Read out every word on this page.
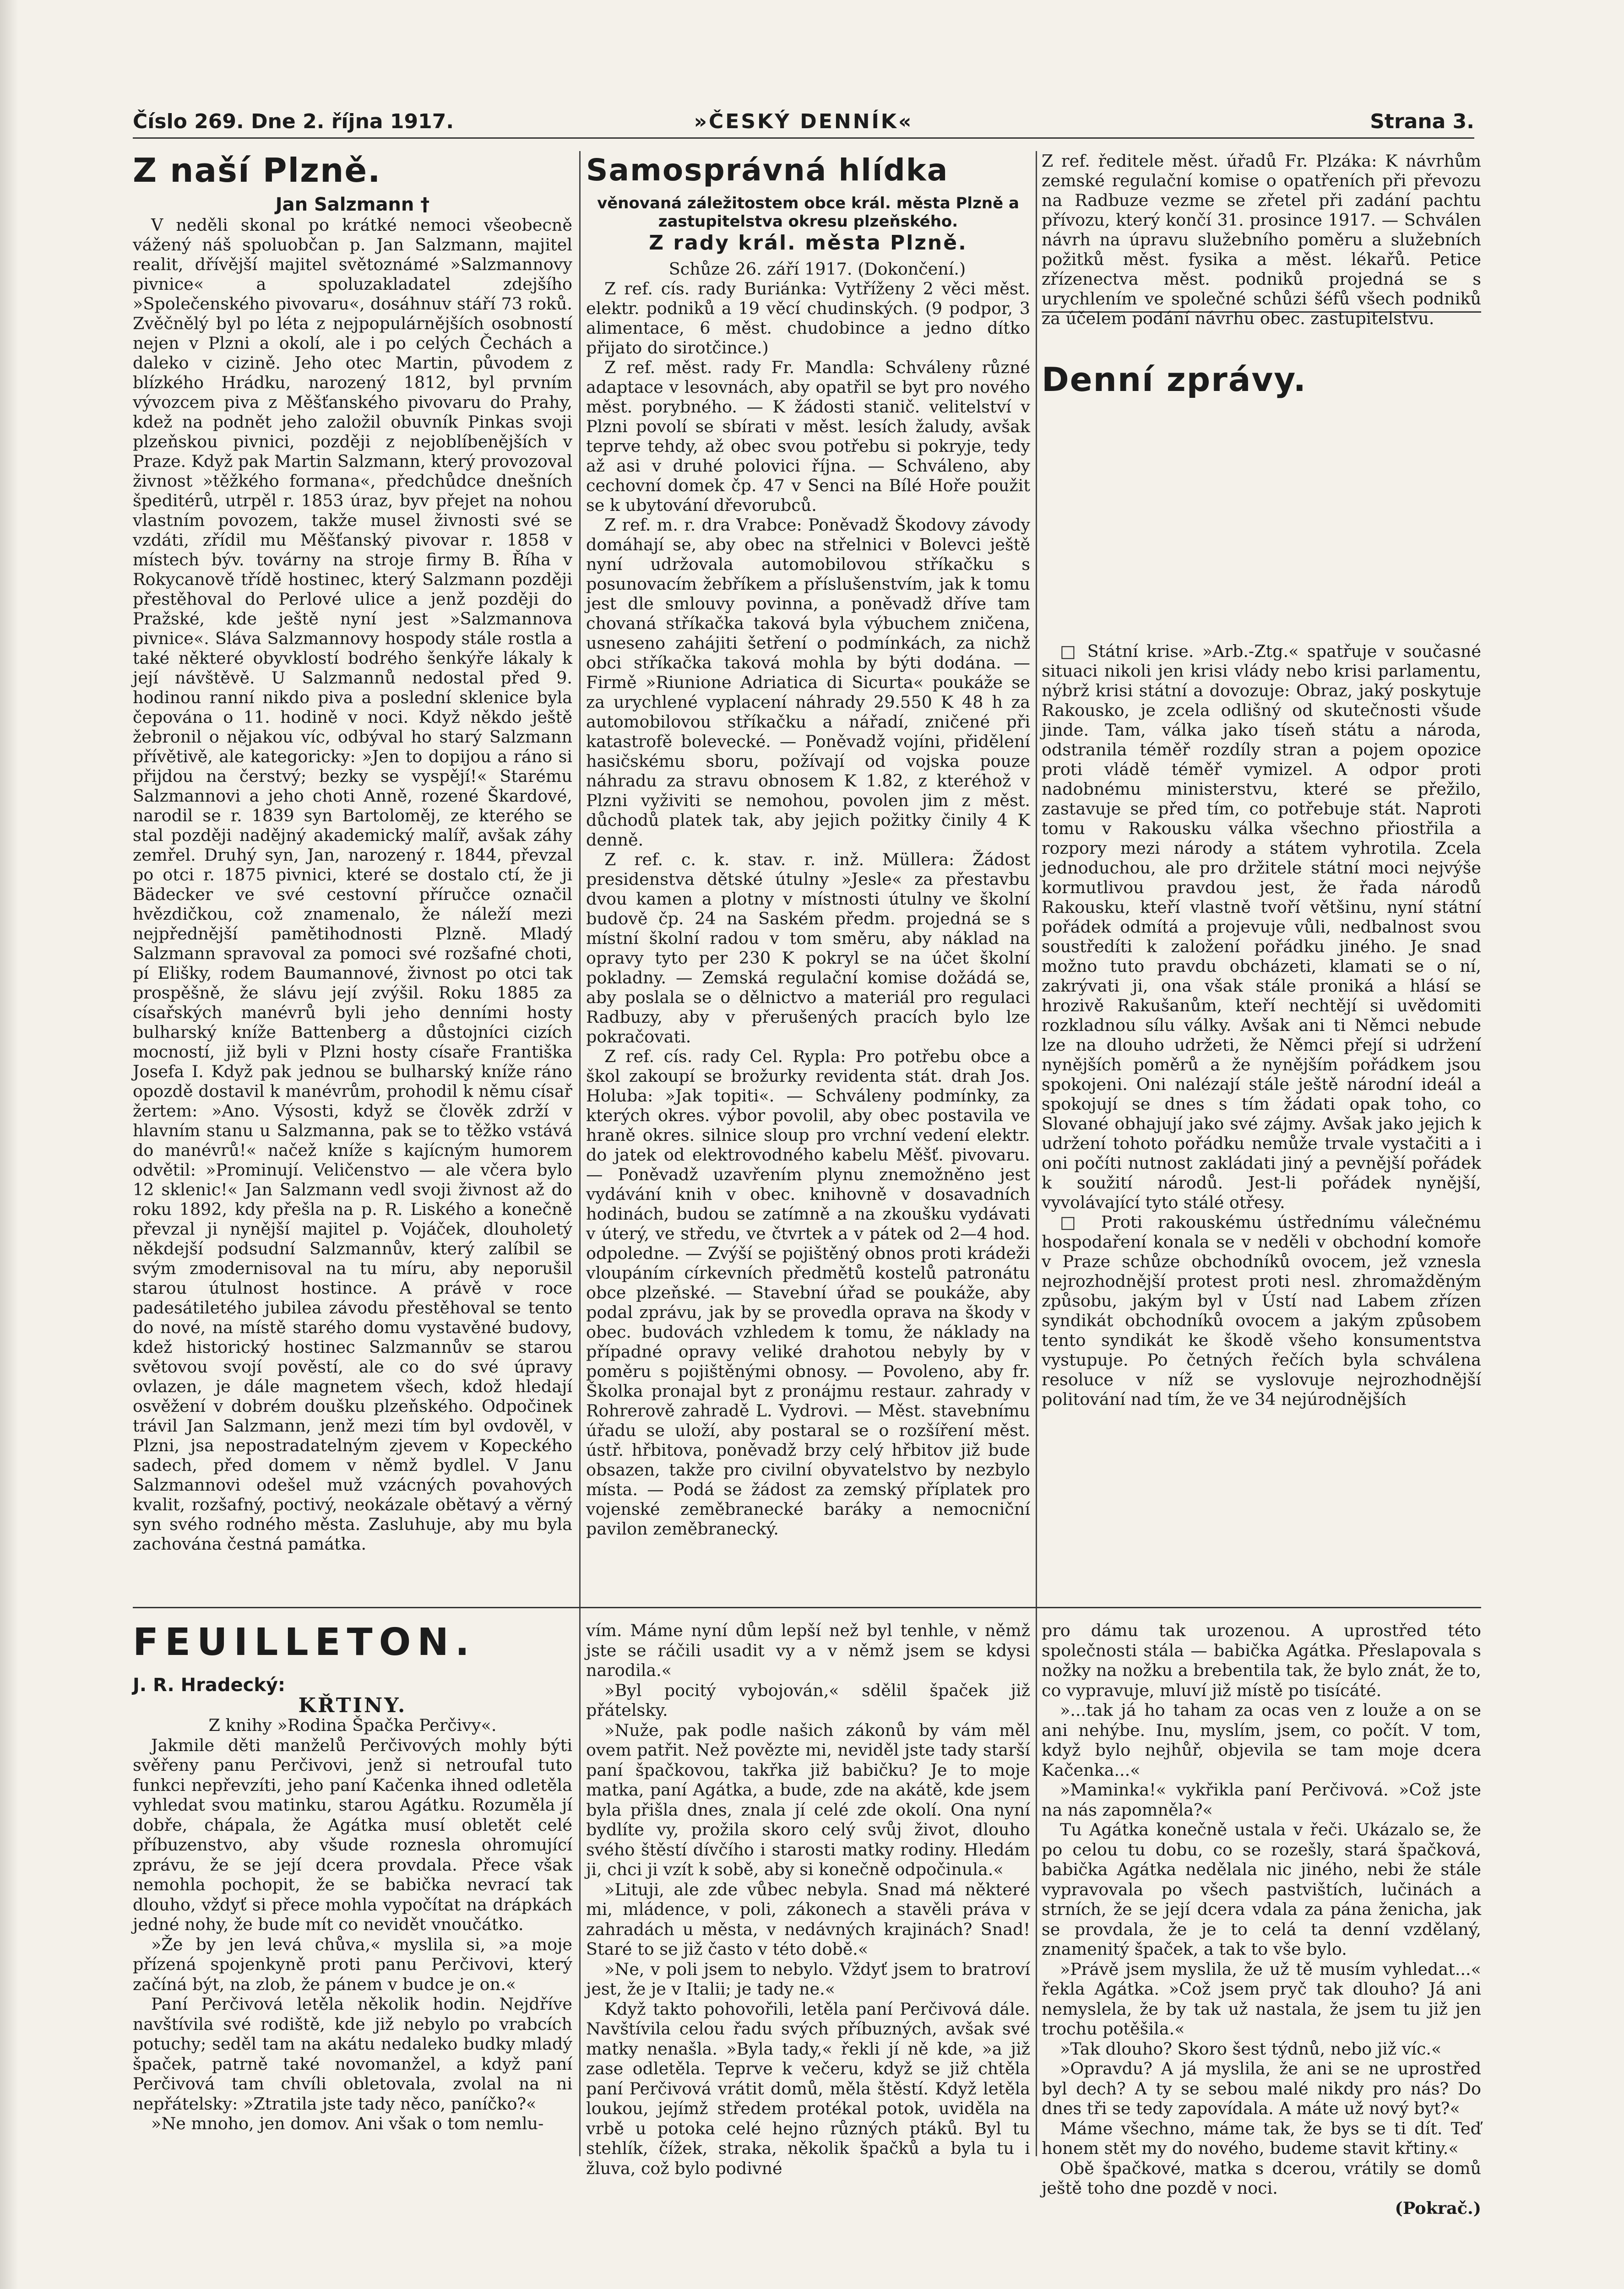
Číslo 269. Dne 2. října 1917.	»ČESKÝ DENNÍK«	Strana 3.
Z naší Plzně.
Jan Salzmann †

V neděli skonal po krátké nemoci všeobecně vážený náš spoluobčan p. Jan Salzmann, majitel realit, dřívější majitel světoznámé »Salzmannovy pivnice« a spoluzakladatel zdejšího »Společenského pivovaru«, dosáhnuv stáří 73 roků. Zvěčnělý byl po léta z nejpopulárnějších osobností nejen v Plzni a okolí, ale i po celých Čechách a daleko v cizině. Jeho otec Martin, původem z blízkého Hrádku, narozený 1812, byl prvním vývozcem piva z Měšťanského pivovaru do Prahy, kdež na podnět jeho založil obuvník Pinkas svoji plzeňskou pivnici, později z nejoblíbenějších v Praze. Když pak Martin Salzmann, který provozoval živnost »těžkého formana«, předchůdce dnešních špeditérů, utrpěl r. 1853 úraz, byv přejet na nohou vlastním povozem, takže musel živnosti své se vzdáti, zřídil mu Měšťanský pivovar r. 1858 v místech býv. továrny na stroje firmy B. Říha v Rokycanově třídě hostinec, který Salzmann později přestěhoval do Perlové ulice a jenž později do Pražské, kde ještě nyní jest »Salzmannova pivnice«. Sláva Salzmannovy hospody stále rostla a také některé obyvklostí bodrého šenkýře lákaly k její návštěvě. U Salzmannů nedostal před 9. hodinou ranní nikdo piva a poslední sklenice byla čepována o 11. hodině v noci. Když někdo ještě žebronil o nějakou víc, odbýval ho starý Salzmann přívětivě, ale kategoricky: »Jen to dopijou a ráno si přijdou na čerstvý; bezky se vyspějí!« Starému Salzmannovi a jeho choti Anně, rozené Škardové, narodil se r. 1839 syn Bartoloměj, ze kterého se stal později nadějný akademický malíř, avšak záhy zemřel. Druhý syn, Jan, narozený r. 1844, převzal po otci r. 1875 pivnici, které se dostalo ctí, že ji Bädecker ve své cestovní příručce označil hvězdičkou, což znamenalo, že náleží mezi nejpřednější pamětihodnosti Plzně. Mladý Salzmann spravoval za pomoci své rozšafné choti, pí Elišky, rodem Baumannové, živnost po otci tak prospěšně, že slávu její zvýšil. Roku 1885 za císařských manévrů byli jeho denními hosty bulharský kníže Battenberg a důstojníci cizích mocností, již byli v Plzni hosty císaře Františka Josefa I. Když pak jednou se bulharský kníže ráno opozdě dostavil k manévrům, prohodil k němu císař žertem: »Ano. Výsosti, když se člověk zdrží v hlavním stanu u Salzmanna, pak se to těžko vstává do manévrů!« načež kníže s kajícným humorem odvětil: »Prominují. Veličenstvo — ale včera bylo 12 sklenic!« Jan Salzmann vedl svoji živnost až do roku 1892, kdy přešla na p. R. Liského a konečně převzal ji nynější majitel p. Vojáček, dlouholetý někdejší podsudní Salzmannův, který zalíbil se svým zmodernisoval na tu míru, aby neporušil starou útulnost hostince. A právě v roce padesátiletého jubilea závodu přestěhoval se tento do nové, na místě starého domu vystavěné budovy, kdež historický hostinec Salzmannův se starou světovou svojí pověstí, ale co do své úpravy ovlazen, je dále magnetem všech, kdož hledají osvěžení v dobrém doušku plzeňského. Odpočinek trávil Jan Salzmann, jenž mezi tím byl ovdověl, v Plzni, jsa nepostradatelným zjevem v Kopeckého sadech, před domem v němž bydlel. V Janu Salzmannovi odešel muž vzácných povahových kvalit, rozšafný, poctivý, neokázale obětavý a věrný syn svého rodného města. Zasluhuje, aby mu byla zachována čestná památka.

Samosprávná hlídka
věnovaná záležitostem obce král. města Plzně a zastupitelstva okresu plzeňského.
Z rady král. města Plzně.

Schůze 26. září 1917. (Dokončení.)

Z ref. cís. rady Buriánka: Vytříženy 2 věci měst. elektr. podniků a 19 věcí chudinských. (9 podpor, 3 alimentace, 6 měst. chudobince a jedno dítko přijato do sirotčince.)

Z ref. měst. rady Fr. Mandla: Schváleny různé adaptace v lesovnách, aby opatřil se byt pro nového měst. porybného. — K žádosti stanič. velitelství v Plzni povolí se sbírati v měst. lesích žaludy, avšak teprve tehdy, až obec svou potřebu si pokryje, tedy až asi v druhé polovici října. — Schváleno, aby cechovní domek čp. 47 v Senci na Bílé Hoře použit se k ubytování dřevorubců.

Z ref. m. r. dra Vrabce: Poněvadž Škodovy závody domáhají se, aby obec na střelnici v Bolevci ještě nyní udržovala automobilovou stříkačku s posunovacím žebříkem a příslušenstvím, jak k tomu jest dle smlouvy povinna, a poněvadž dříve tam chovaná stříkačka taková byla výbuchem zničena, usneseno zahájiti šetření o podmínkách, za nichž obci stříkačka taková mohla by býti dodána. — Firmě »Riunione Adriatica di Sicurta« poukáže se za urychlené vyplacení náhrady 29.550 K 48 h za automobilovou stříkačku a nářadí, zničené při katastrofě bolevecké. — Poněvadž vojíni, přidělení hasičskému sboru, požívají od vojska pouze náhradu za stravu obnosem K 1.82, z kteréhož v Plzni vyživiti se nemohou, povolen jim z měst. důchodů platek tak, aby jejich požitky činily 4 K denně.

Z ref. c. k. stav. r. inž. Müllera: Žádost presidenstva dětské útulny »Jesle« za přestavbu dvou kamen a plotny v místnosti útulny ve školní budově čp. 24 na Saském předm. projedná se s místní školní radou v tom směru, aby náklad na opravy tyto per 230 K pokryl se na účet školní pokladny. — Zemská regulační komise dožádá se, aby poslala se o dělnictvo a materiál pro regulaci Radbuzy, aby v přerušených pracích bylo lze pokračovati.

Z ref. cís. rady Cel. Rypla: Pro potřebu obce a škol zakoupí se brožurky revidenta stát. drah Jos. Holuba: »Jak topiti«. — Schváleny podmínky, za kterých okres. výbor povolil, aby obec postavila ve hraně okres. silnice sloup pro vrchní vedení elektr. do jatek od elektrovodného kabelu Měšť. pivovaru. — Poněvadž uzavřením plynu znemožněno jest vydávání knih v obec. knihovně v dosavadních hodinách, budou se zatímně a na zkoušku vydávati v úterý, ve středu, ve čtvrtek a v pátek od 2—4 hod. odpoledne. — Zvýší se pojištěný obnos proti krádeži vloupáním církevních předmětů kostelů patronátu obce plzeňské. — Stavební úřad se poukáže, aby podal zprávu, jak by se provedla oprava na škody v obec. budovách vzhledem k tomu, že náklady na případné opravy veliké drahotou nebyly by v poměru s pojištěnými obnosy. — Povoleno, aby fr. Školka pronajal byt z pronájmu restaur. zahrady v Rohrerově zahradě L. Vydrovi. — Měst. stavebnímu úřadu se uloží, aby postaral se o rozšíření měst. ústř. hřbitova, poněvadž brzy celý hřbitov již bude obsazen, takže pro civilní obyvatelstvo by nezbylo místa. — Podá se žádost za zemský příplatek pro vojenské zeměbranecké baráky a nemocniční pavilon zeměbranecký.

Z ref. ředitele měst. úřadů Fr. Plzáka: K návrhům zemské regulační komise o opatřeních při převozu na Radbuze vezme se zřetel při zadání pachtu přívozu, který končí 31. prosince 1917. — Schválen návrh na úpravu služebního poměru a služebních požitků měst. fysika a měst. lékařů. Petice zřízenectva měst. podniků projedná se s urychlením ve společné schůzi šéfů všech podniků za účelem podání návrhu obec. zastupitelstvu.

Denní zprávy.

□ Státní krise. »Arb.-Ztg.« spatřuje v současné situaci nikoli jen krisi vlády nebo krisi parlamentu, nýbrž krisi státní a dovozuje: Obraz, jaký poskytuje Rakousko, je zcela odlišný od skutečnosti všude jinde. Tam, válka jako tíseň státu a národa, odstranila téměř rozdíly stran a pojem opozice proti vládě téměř vymizel. A odpor proti nadobnému ministerstvu, které se přežilo, zastavuje se před tím, co potřebuje stát. Naproti tomu v Rakousku válka všechno přiostřila a rozpory mezi národy a státem vyhrotila. Zcela jednoduchou, ale pro držitele státní moci nejvýše kormutlivou pravdou jest, že řada národů Rakousku, kteří vlastně tvoří většinu, nyní státní pořádek odmítá a projevuje vůli, nedbalnost svou soustředíti k založení pořádku jiného. Je snad možno tuto pravdu obcházeti, klamati se o ní, zakrývati ji, ona však stále proniká a hlásí se hrozivě Rakušanům, kteří nechtějí si uvědomiti rozkladnou sílu války. Avšak ani ti Němci nebude lze na dlouho udržeti, že Němci přejí si udržení nynějších poměrů a že nynějším pořádkem jsou spokojeni. Oni nalézají stále ještě národní ideál a spokojují se dnes s tím žádati opak toho, co Slované obhajují jako své zájmy. Avšak jako jejich k udržení tohoto pořádku nemůže trvale vystačiti a i oni počíti nutnost zakládati jiný a pevnější pořádek k soužití národů. Jest-li pořádek nynější, vyvolávající tyto stálé otřesy.

□ Proti rakouskému ústřednímu válečnému hospodaření konala se v neděli v obchodní komoře v Praze schůze obchodníků ovocem, jež vznesla nejrozhodnější protest proti nesl. zhromažděným způsobu, jakým byl v Ústí nad Labem zřízen syndikát obchodníků ovocem a jakým způsobem tento syndikát ke škodě všeho konsumentstva vystupuje. Po četných řečích byla schválena resoluce v níž se vyslovuje nejrozhodnější politování nad tím, že ve 34 nejúrodnějších

FEUILLETON.

J. R. Hradecký:

KŘTINY.

Z knihy »Rodina Špačka Perčivy«.

Jakmile děti manželů Perčivových mohly býti svěřeny panu Perčivovi, jenž si netroufal tuto funkci nepřevzíti, jeho paní Kačenka ihned odletěla vyhledat svou matinku, starou Agátku. Rozuměla jí dobře, chápala, že Agátka musí obletět celé příbuzenstvo, aby všude roznesla ohromující zprávu, že se její dcera provdala. Přece však nemohla pochopit, že se babička nevrací tak dlouho, vždyť si přece mohla vypočítat na drápkách jedné nohy, že bude mít co nevidět vnoučátko.

»Že by jen levá chůva,« myslila si, »a moje přízená spojenkyně proti panu Perčivovi, který začíná být, na zlob, že pánem v budce je on.«

Paní Perčivová letěla několik hodin. Nejdříve navštívila své rodiště, kde již nebylo po vrabcích potuchy; seděl tam na akátu nedaleko budky mladý špaček, patrně také novomanžel, a když paní Perčivová tam chvíli obletovala, zvolal na ni nepřátelsky: »Ztratila jste tady něco, paníčko?«

»Ne mnoho, jen domov. Ani však o tom nemlu-

vím. Máme nyní dům lepší než byl tenhle, v němž jste se ráčili usadit vy a v němž jsem se kdysi narodila.«

»Byl pocitý vybojován,« sdělil špaček již přátelsky.

»Nuže, pak podle našich zákonů by vám měl ovem patřit. Než povězte mi, neviděl jste tady starší paní špačkovou, takřka již babičku? Je to moje matka, paní Agátka, a bude, zde na akátě, kde jsem byla přišla dnes, znala jí celé zde okolí. Ona nyní bydlíte vy, prožila skoro celý svůj život, dlouho svého štěstí dívčího i starosti matky rodiny. Hledám ji, chci ji vzít k sobě, aby si konečně odpočinula.«

»Lituji, ale zde vůbec nebyla. Snad má některé mi, mládence, v poli, zákonech a stavěli práva v zahradách u města, v nedávných krajinách? Snad! Staré to se již často v této době.«

»Ne, v poli jsem to nebylo. Vždyť jsem to bratroví jest, že je v Italii; je tady ne.«

Když takto pohovořili, letěla paní Perčivová dále. Navštívila celou řadu svých příbuzných, avšak své matky nenašla. »Byla tady,« řekli jí ně kde, »a již zase odletěla. Teprve k večeru, když se již chtěla paní Perčivová vrátit domů, měla štěstí. Když letěla loukou, jejímž středem protékal potok, uviděla na vrbě u potoka celé hejno různých ptáků. Byl tu stehlík, čížek, straka, několik špačků a byla tu i žluva, což bylo podivné

pro dámu tak urozenou. A uprostřed této společnosti stála — babička Agátka. Přeslapovala s nožky na nožku a brebentila tak, že bylo znát, že to, co vypravuje, mluví již místě po tisícáté.

»...tak já ho taham za ocas ven z louže a on se ani nehýbe. Inu, myslím, jsem, co počít. V tom, když bylo nejhůř, objevila se tam moje dcera Kačenka...«

»Maminka!« vykřikla paní Perčivová. »Což jste na nás zapomněla?«

Tu Agátka konečně ustala v řeči. Ukázalo se, že po celou tu dobu, co se rozešly, stará špačková, babička Agátka nedělala nic jiného, nebi že stále vypravovala po všech pastvištích, lučinách a strních, že se její dcera vdala za pána ženicha, jak se provdala, že je to celá ta denní vzdělaný, znamenitý špaček, a tak to vše bylo.

»Právě jsem myslila, že už tě musím vyhledat...« řekla Agátka. »Což jsem pryč tak dlouho? Já ani nemyslela, že by tak už nastala, že jsem tu již jen trochu potěšila.«

»Tak dlouho? Skoro šest týdnů, nebo již víc.«

»Opravdu? A já myslila, že ani se ne uprostřed byl dech? A ty se sebou malé nikdy pro nás? Do dnes tři se tedy zapovídala. A máte už nový byt?«

Máme všechno, máme tak, že bys se ti dít. Teď honem stět my do nového, budeme stavit křtiny.«

Obě špačkové, matka s dcerou, vrátily se domů ještě toho dne pozdě v noci.

(Pokrač.)
